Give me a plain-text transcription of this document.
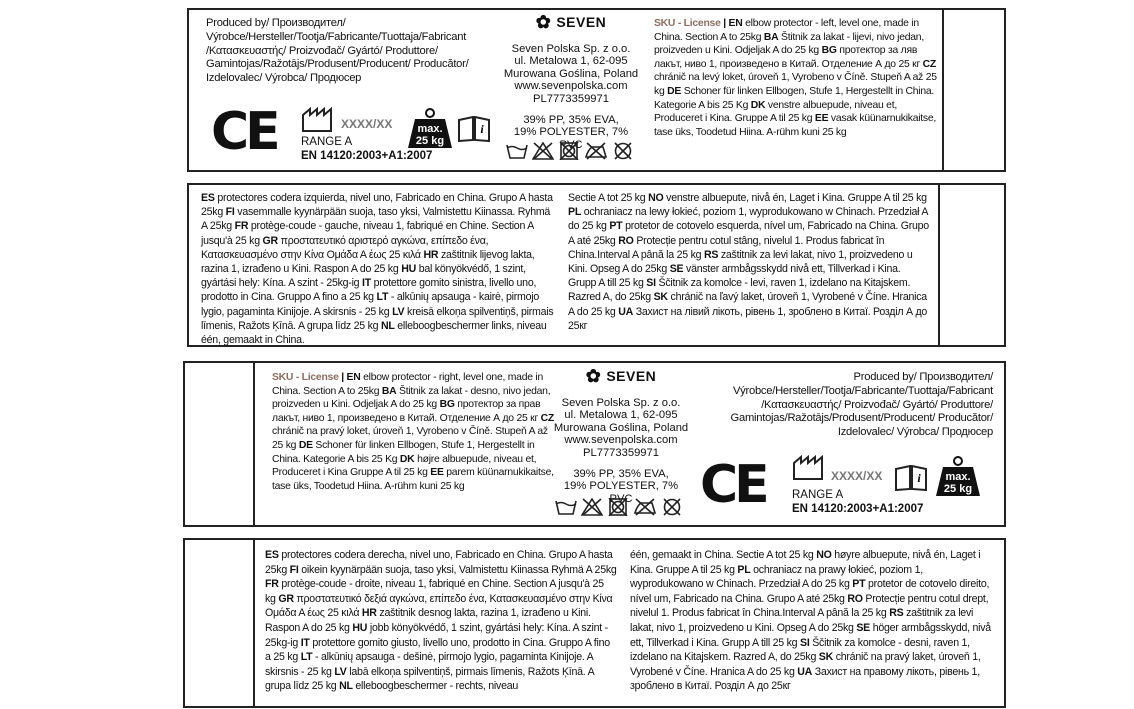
Produced by/ Производител/
Výrobce/Hersteller/Tootja/Fabricante/Tuottaja/Fabricant
/Κατασκευαστής/ Proizvođač/ Gyártó/ Produttore/
Gamintojas/Ražotājs/Produsent/Producent/ Producător/
Izdelovalec/ Výrobca/ Продюсер
CE	XXXX/XX max.
25 kg
i
RANGE A
EN 14120:2003+A1:2007
✿ SEVEN
Seven Polska Sp. z o.o.
ul. Metalowa 1, 62-095
Murowana Goślina, Poland
www.sevenpolska.com
PL7773359971
39% PP, 35% EVA,
19% POLYESTER, 7% PVC
SKU - License | EN elbow protector - left, level one, made in China. Section A to 25kg BA Štitnik za lakat - lijevi, nivo jedan, proizveden u Kini. Odjeljak A do 25 kg BG протектор за ляв лакът, ниво 1, произведено в Китай. Отделение А до 25 кг CZ chránič na levý loket, úroveň 1, Vyrobeno v Číně. Stupeň A až 25 kg DE Schoner für linken Ellbogen, Stufe 1, Hergestellt in China. Kategorie A bis 25 Kg DK venstre albuepude, niveau et, Produceret i Kina. Gruppe A til 25 kg EE vasak küünarnukikaitse, tase üks, Toodetud Hiina. A-rühm kuni 25 kg
ES protectores codera izquierda, nivel uno, Fabricado en China. Grupo A hasta 25kg FI vasemmalle kyynärpään suoja, taso yksi, Valmistettu Kiinassa. Ryhmä A 25kg FR protège-coude - gauche, niveau 1, fabriqué en Chine. Section A jusqu'à 25 kg GR προστατευτικό αριστερό αγκώνα, επίπεδο ένα, Κατασκευασμένο στην Κίνα Ομάδα Α έως 25 κιλά HR zaštitnik lijevog lakta, razina 1, izrađeno u Kini. Raspon A do 25 kg HU bal könyökvédő, 1 szint, gyártási hely: Kína. A szint - 25kg-ig IT protettore gomito sinistra, livello uno, prodotto in Cina. Gruppo A fino a 25 kg LT - alkūnių apsauga - kairė, pirmojo lygio, pagaminta Kinijoje. A skirsnis - 25 kg LV kreisā elkoņa spilventiņš, pirmais līmenis, Ražots Ķīnā. A grupa līdz 25 kg NL elleboogbeschermer links, niveau één, gemaakt in China.
Sectie A tot 25 kg NO venstre albuepute, nivå én, Laget i Kina. Gruppe A til 25 kg PL ochraniacz na lewy łokieć, poziom 1, wyprodukowano w Chinach. Przedział A do 25 kg PT protetor de cotovelo esquerda, nível um, Fabricado na China. Grupo A até 25kg RO Protecție pentru cotul stâng, nivelul 1. Produs fabricat în China.Interval A până la 25 kg RS zaštitnik za levi lakat, nivo 1, proizvedeno u Kini. Opseg A do 25kg SE vänster armbågsskydd nivå ett, Tillverkad i Kina. Grupp A till 25 kg SI Ščitnik za komolce - levi, raven 1, izdelano na Kitajskem. Razred A, do 25kg SK chránič na ľavý laket, úroveň 1, Vyrobené v Číne. Hranica A do 25 kg UA Захист на лівий лікоть, рівень 1, зроблено в Китаї. Розділ А до 25кг
SKU - License | EN elbow protector - right, level one, made in China. Section A to 25kg BA Štitnik za lakat - desno, nivo jedan, proizveden u Kini. Odjeljak A do 25 kg BG протектор за прав лакът, ниво 1, произведено в Китай. Отделение А до 25 кг CZ chránič na pravý loket, úroveň 1, Vyrobeno v Číně. Stupeň A až 25 kg DE Schoner für linken Ellbogen, Stufe 1, Hergestellt in China. Kategorie A bis 25 Kg DK højre albuepude, niveau et, Produceret i Kina Gruppe A til 25 kg EE parem küünarnukikaitse, tase üks, Toodetud Hiina. A-rühm kuni 25 kg
✿ SEVEN
Seven Polska Sp. z o.o.
ul. Metalowa 1, 62-095
Murowana Goślina, Poland
www.sevenpolska.com
PL7773359971
39% PP, 35% EVA,
19% POLYESTER, 7% PVC
Produced by/ Производител/
Výrobce/Hersteller/Tootja/Fabricante/Tuottaja/Fabricant
/Κατασκευαστής/ Proizvođač/ Gyártó/ Produttore/
Gamintojas/Ražotājs/Produsent/Producent/ Producător/
Izdelovalec/ Výrobca/ Продюсер
CE	XXXX/XX	i max.
25 kg
RANGE A
EN 14120:2003+A1:2007
ES protectores codera derecha, nivel uno, Fabricado en China. Grupo A hasta 25kg FI oikein kyynärpään suoja, taso yksi, Valmistettu Kiinassa Ryhmä A 25kg FR protège-coude - droite, niveau 1, fabriqué en Chine. Section A jusqu'à 25 kg GR προστατευτικό δεξιά αγκώνα, επίπεδο ένα, Κατασκευασμένο στην Κίνα Ομάδα Α έως 25 κιλά HR zaštitnik desnog lakta, razina 1, izrađeno u Kini. Raspon A do 25 kg HU jobb könyökvédő, 1 szint, gyártási hely: Kína. A szint - 25kg-ig IT protettore gomito giusto, livello uno, prodotto in Cina. Gruppo A fino a 25 kg LT - alkūnių apsauga - dešinė, pirmojo lygio, pagaminta Kinijoje. A skirsnis - 25 kg LV labā elkoņa spilventiņš, pirmais līmenis, Ražots Ķīnā. A grupa līdz 25 kg NL elleboogbeschermer - rechts, niveau
één, gemaakt in China. Sectie A tot 25 kg NO høyre albuepute, nivå én, Laget i Kina. Gruppe A til 25 kg PL ochraniacz na prawy łokieć, poziom 1, wyprodukowano w Chinach. Przedział A do 25 kg PT protetor de cotovelo direito, nível um, Fabricado na China. Grupo A até 25kg RO Protecție pentru cotul drept, nivelul 1. Produs fabricat în China.Interval A până la 25 kg RS zaštitnik za levi lakat, nivo 1, proizvedeno u Kini. Opseg A do 25kg SE höger armbågsskydd, nivå ett, Tillverkad i Kina. Grupp A till 25 kg SI Ščitnik za komolce - desni, raven 1, izdelano na Kitajskem. Razred A, do 25kg SK chránič na pravý laket, úroveň 1, Vyrobené v Číne. Hranica A do 25 kg UA Захист на правому лікоть, рівень 1, зроблено в Китаї. Розділ А до 25кг
